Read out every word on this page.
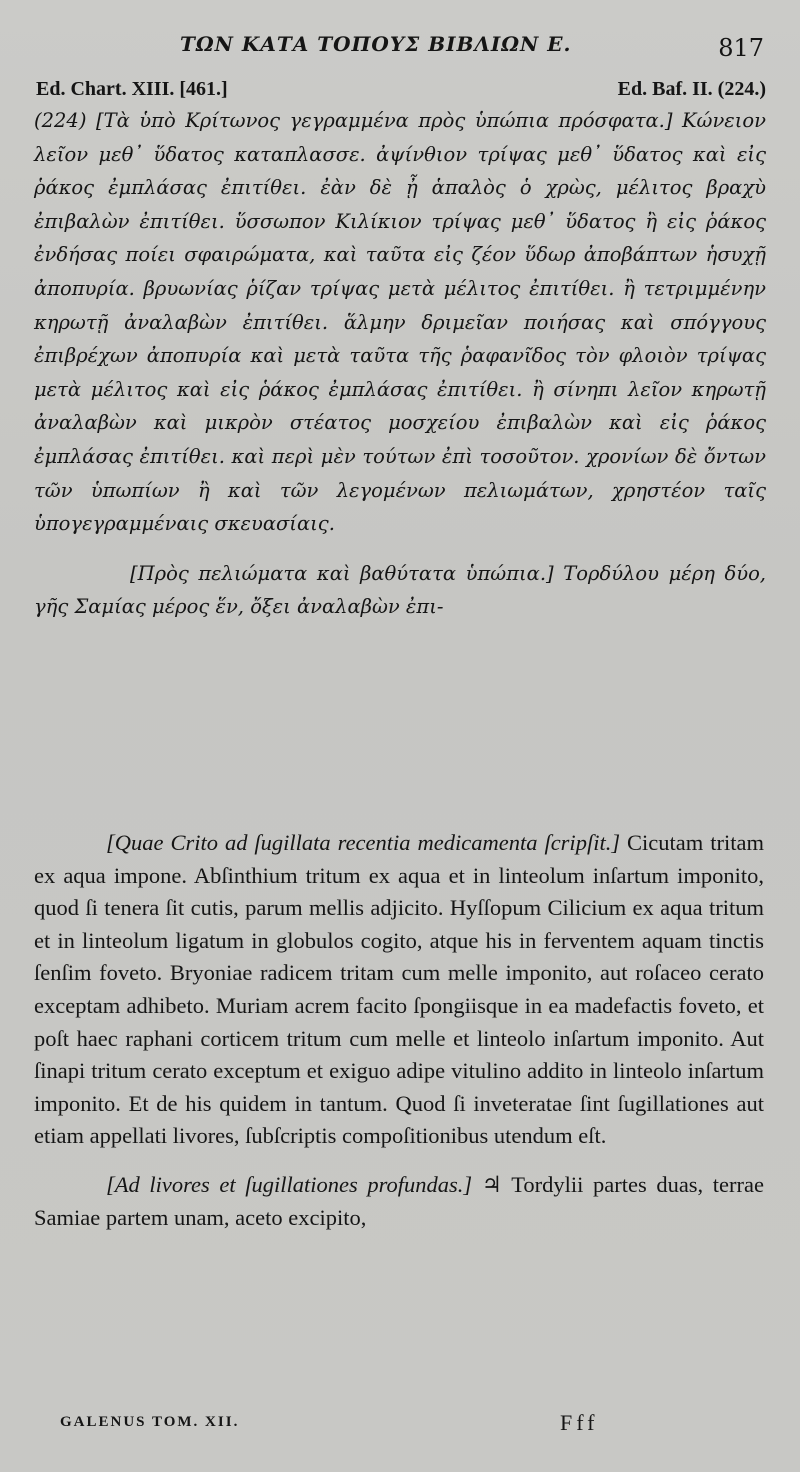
ΤΩΝ ΚΑΤΑ ΤΟΠΟΥΣ ΒΙΒΛΙΩΝ Ε.	817
Ed. Chart. XIII. [461.]	Ed. Baf. II. (224.)

(224) [Τὰ ὑπὸ Κρίτωνος γεγραμμένα πρὸς ὑπώπια πρόσφατα.] Κώνειον λεῖον μεθ᾽ ὕδατος καταπλασσε. ἀψίνθιον τρίψας μεθ᾽ ὕδατος καὶ εἰς ῥάκος ἐμπλάσας ἐπιτίθει. ἐὰν δὲ ᾖ ἁπαλὸς ὁ χρὼς, μέλιτος βραχὺ ἐπιβαλὼν ἐπιτίθει. ὕσσωπον Κιλίκιον τρίψας μεθ᾽ ὕδατος ἢ εἰς ῥάκος ἐνδήσας ποίει σφαιρώματα, καὶ ταῦτα εἰς ζέον ὕδωρ ἀποβάπτων ἡσυχῇ ἀποπυρία. βρυωνίας ῥίζαν τρίψας μετὰ μέλιτος ἐπιτίθει. ἢ τετριμμένην κηρωτῇ ἀναλαβὼν ἐπιτίθει. ἅλμην δριμεῖαν ποιήσας καὶ σπόγγους ἐπιβρέχων ἀποπυρία καὶ μετὰ ταῦτα τῆς ῥαφανῖδος τὸν φλοιὸν τρίψας μετὰ μέλιτος καὶ εἰς ῥάκος ἐμπλάσας ἐπιτίθει. ἢ σίνηπι λεῖον κηρωτῇ ἀναλαβὼν καὶ μικρὸν στέατος μοσχείου ἐπιβαλὼν καὶ εἰς ῥάκος ἐμπλάσας ἐπιτίθει. καὶ περὶ μὲν τούτων ἐπὶ τοσοῦτον. χρονίων δὲ ὄντων τῶν ὑπωπίων ἢ καὶ τῶν λεγομένων πελιωμάτων, χρηστέον ταῖς ὑπογεγραμμέναις σκευασίαις.

[Πρὸς πελιώματα καὶ βαθύτατα ὑπώπια.] Τορδύλου μέρη δύο, γῆς Σαμίας μέρος ἕν, ὄξει ἀναλαβὼν ἐπι-

[Quae Crito ad ſugillata recentia medicamenta ſcripſit.] Cicutam tritam ex aqua impone. Abſinthium tritum ex aqua et in linteolum inſartum imponito, quod ſi tenera ſit cutis, parum mellis adjicito. Hyſſopum Cilicium ex aqua tritum et in linteolum ligatum in globulos cogito, atque his in ferventem aquam tinctis ſenſim foveto. Bryoniae radicem tritam cum melle imponito, aut roſaceo cerato exceptam adhibeto. Muriam acrem facito ſpongiisque in ea madefactis foveto, et poſt haec raphani corticem tritum cum melle et linteolo inſartum imponito. Aut ſinapi tritum cerato exceptum et exiguo adipe vitulino addito in linteolo inſartum imponito. Et de his quidem in tantum. Quod ſi inveteratae ſint ſugillationes aut etiam appellati livores, ſubſcriptis compoſitionibus utendum eſt.

[Ad livores et ſugillationes profundas.] ♃ Tordylii partes duas, terrae Samiae partem unam, aceto excipito,

GALENUS TOM. XII.	Fff
